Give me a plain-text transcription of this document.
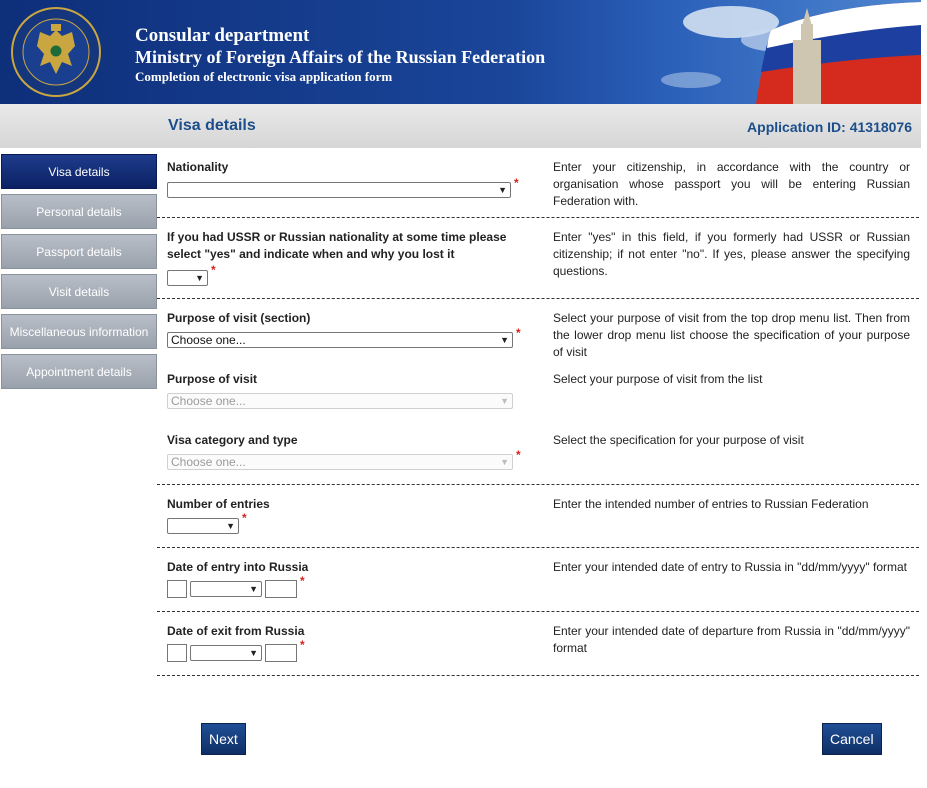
Consular department
Ministry of Foreign Affairs of the Russian Federation
Completion of electronic visa application form
Visa details	Application ID: 41318076
Visa details
Personal details
Passport details
Visit details
Miscellaneous information
Appointment details
Nationality
▼ *
Enter your citizenship, in accordance with the country or organisation whose passport you will be entering Russian Federation with.
If you had USSR or Russian nationality at some time please select "yes" and indicate when and why you lost it
▼
*
Enter "yes" in this field, if you formerly had USSR or Russian citizenship; if not enter "no". If yes, please answer the specifying questions.
Purpose of visit (section)
Choose one...	▼ *
Select your purpose of visit from the top drop menu list. Then from the lower drop menu list choose the specification of your purpose of visit
Purpose of visit
Choose one...	▼
Select your purpose of visit from the list
Visa category and type
Choose one...	▼ *
Select the specification for your purpose of visit
Number of entries
▼
*
Enter the intended number of entries to Russian Federation
Date of entry into Russia
▼
*
Enter your intended date of entry to Russia in "dd/mm/yyyy" format
Date of exit from Russia
▼
*
Enter your intended date of departure from Russia in "dd/mm/yyyy" format
Next	Cancel
